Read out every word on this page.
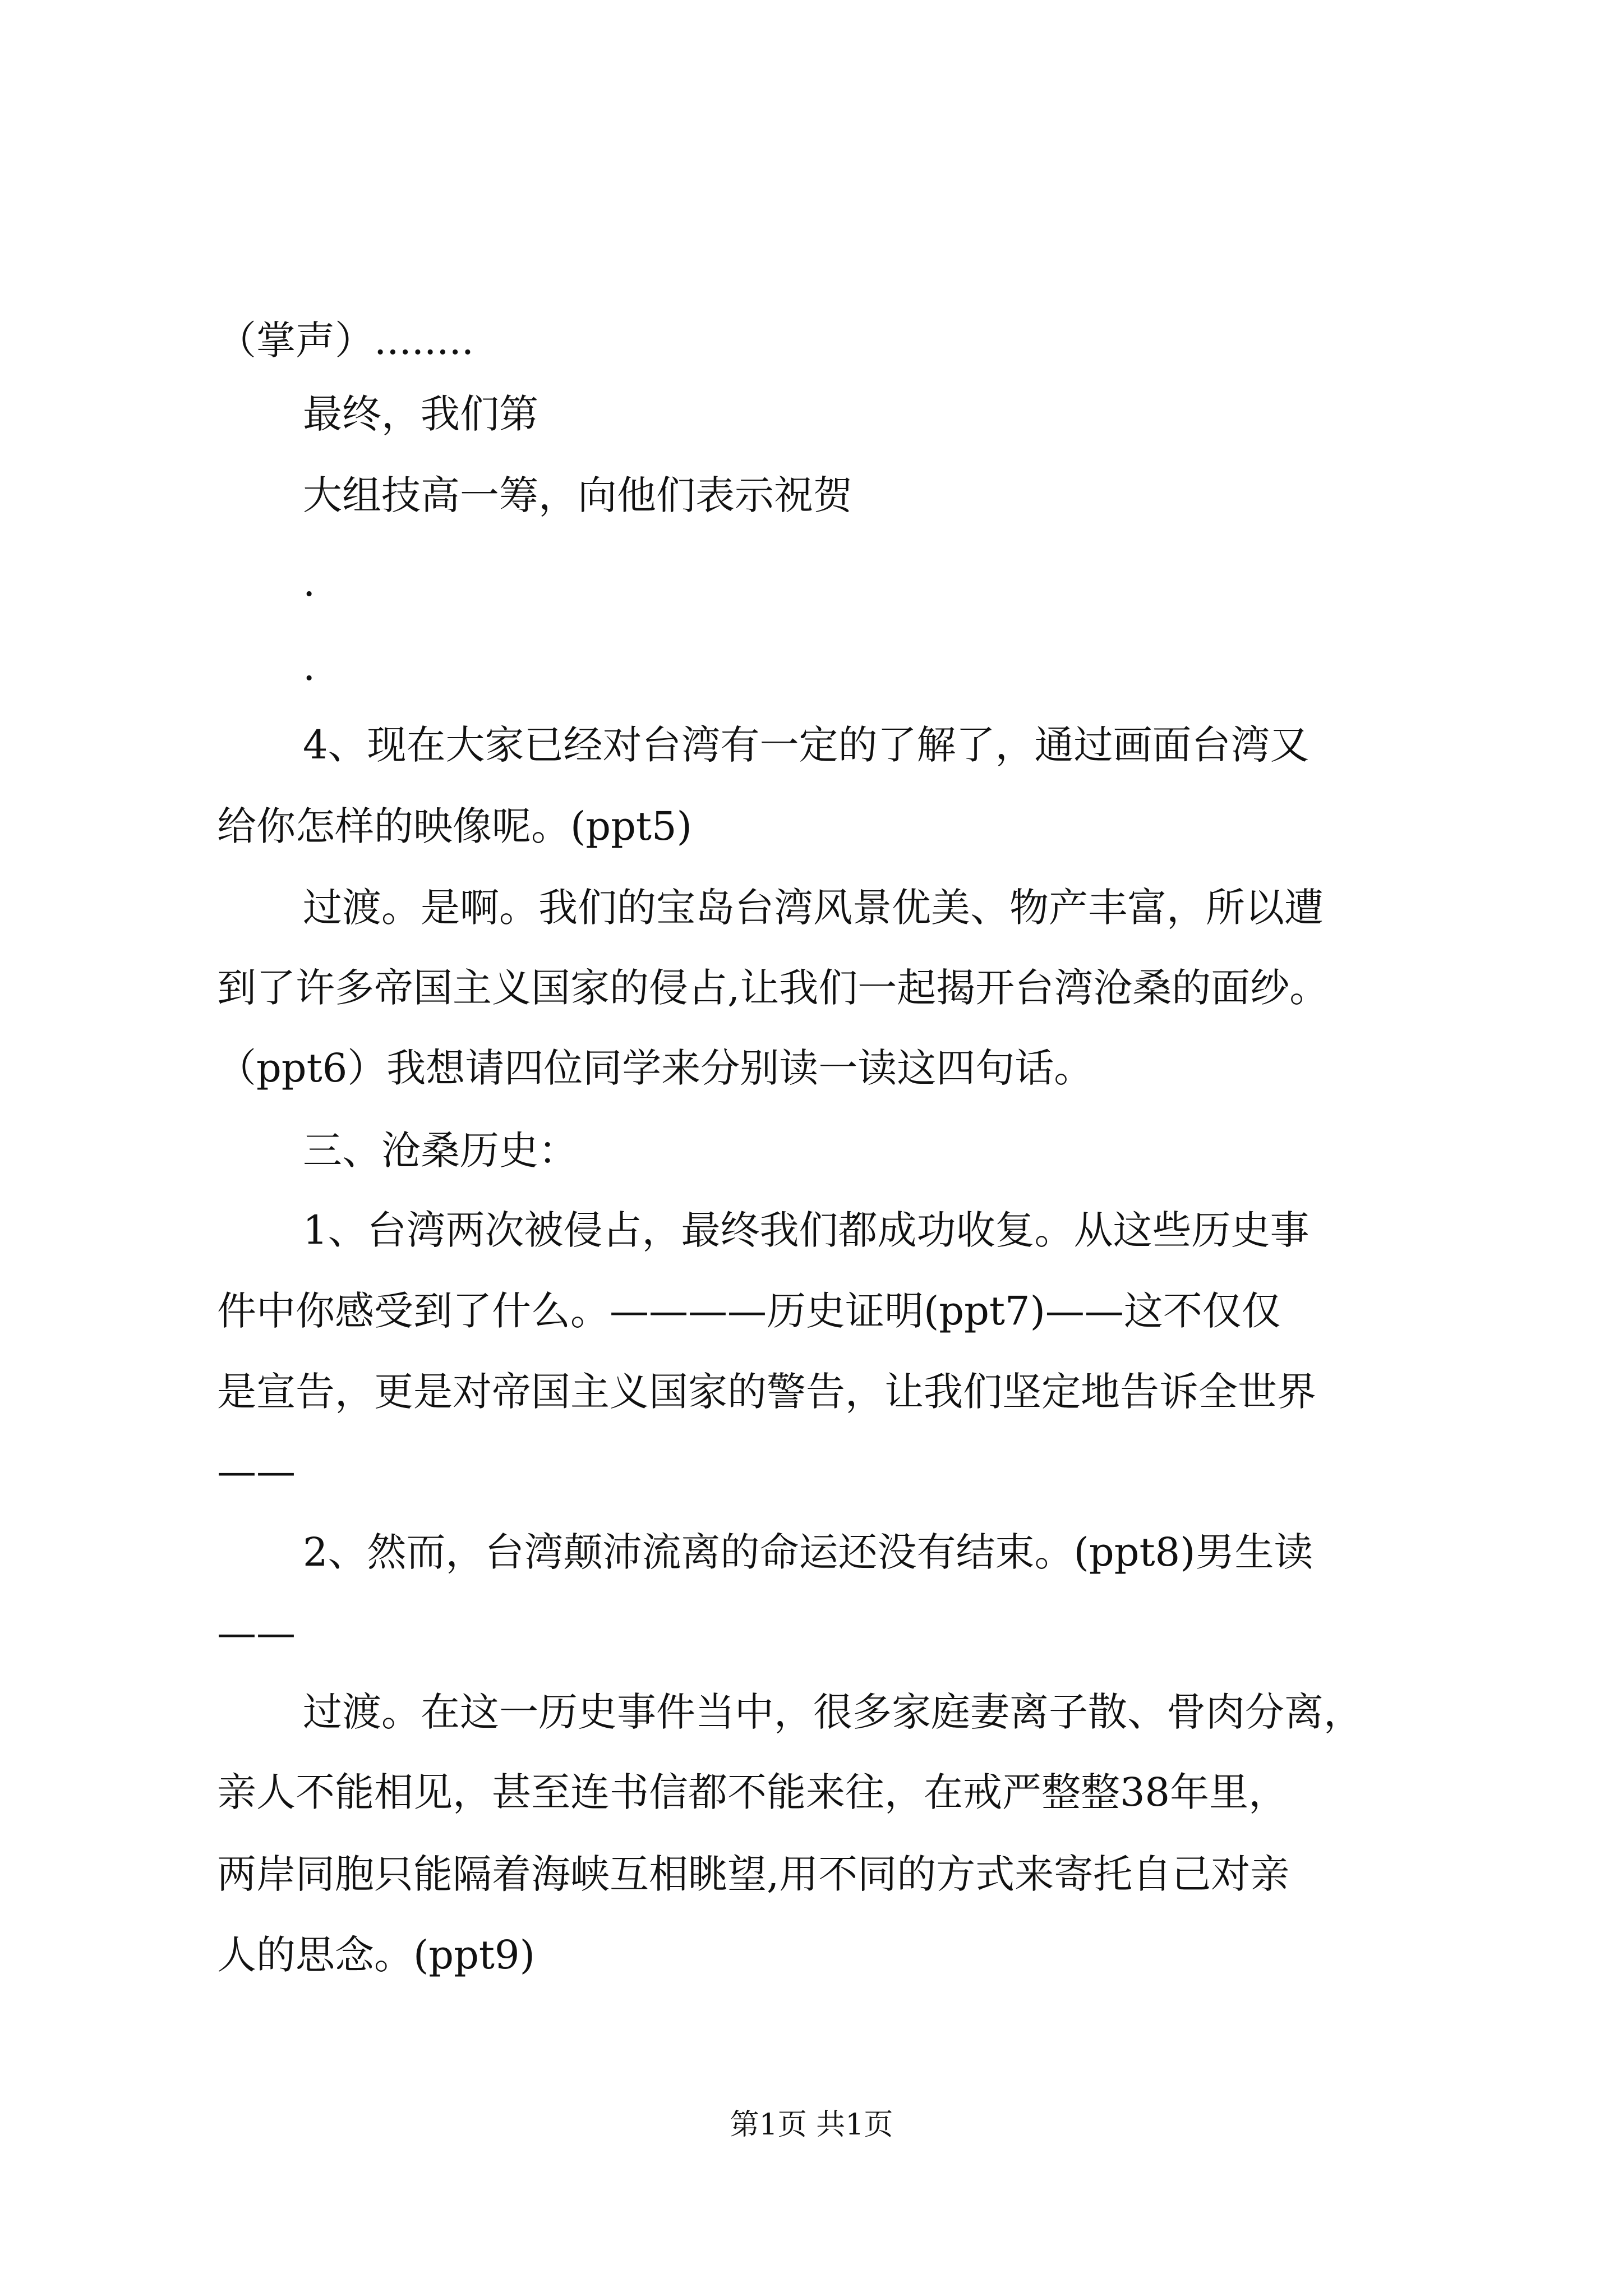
（掌声）........
最终，我们第
大组技高一筹，向他们表示祝贺
.
.
4、现在大家已经对台湾有一定的了解了，通过画面台湾又
给你怎样的映像呢。(ppt5)
过渡。是啊。我们的宝岛台湾风景优美、物产丰富，所以遭
到了许多帝国主义国家的侵占,让我们一起揭开台湾沧桑的面纱。
（ppt6）我想请四位同学来分别读一读这四句话。
三、沧桑历史：
1、台湾两次被侵占，最终我们都成功收复。从这些历史事
件中你感受到了什么。————历史证明(ppt7)——这不仅仅
是宣告，更是对帝国主义国家的警告，让我们坚定地告诉全世界
——
2、然而，台湾颠沛流离的命运还没有结束。(ppt8)男生读
——
过渡。在这一历史事件当中，很多家庭妻离子散、骨肉分离，
亲人不能相见，甚至连书信都不能来往，在戒严整整38年里，
两岸同胞只能隔着海峡互相眺望,用不同的方式来寄托自己对亲
人的思念。(ppt9)
第1页 共1页
